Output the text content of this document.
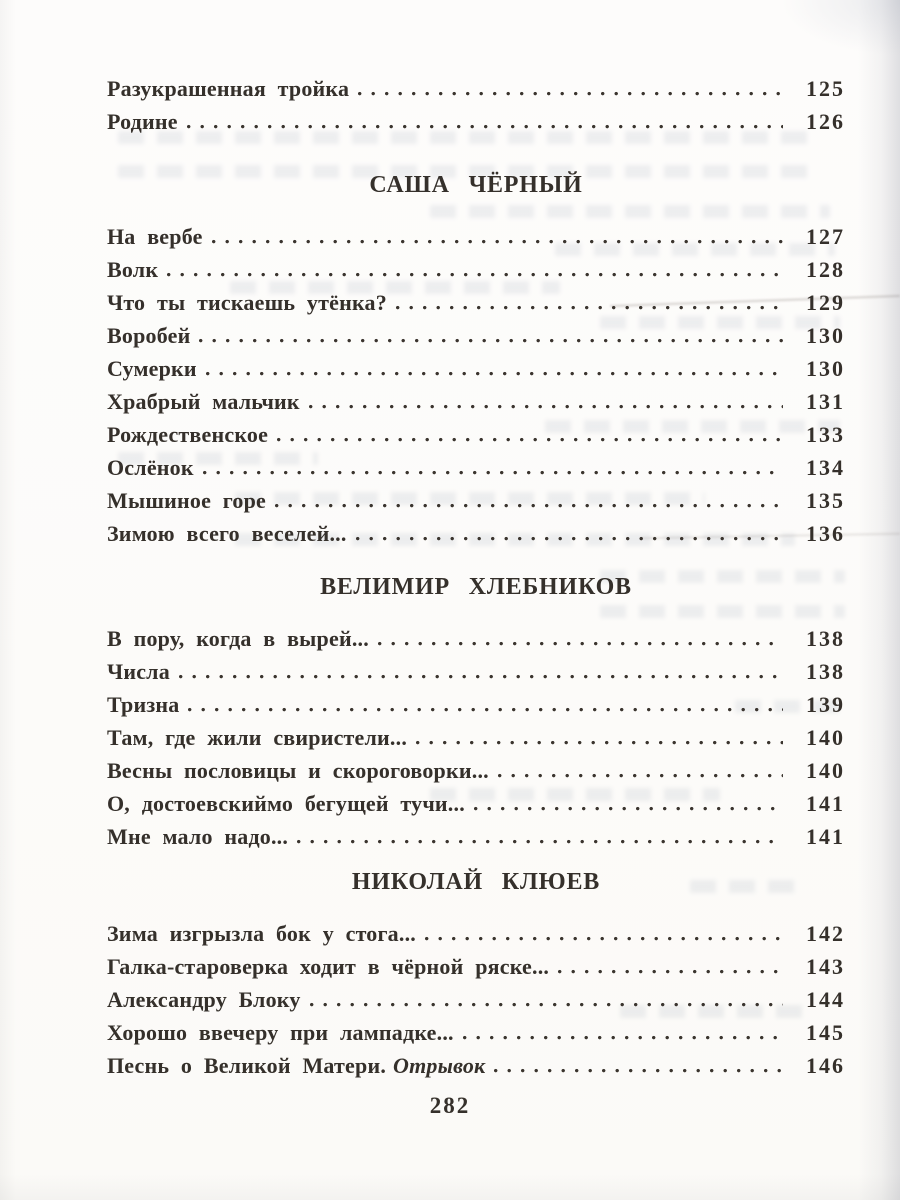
Разукрашенная тройка	125
Родине	126
САША ЧЁРНЫЙ
На вербе	127
Волк	128
Что ты тискаешь утёнка?	129
Воробей	130
Сумерки	130
Храбрый мальчик	131
Рождественское	133
Ослёнок	134
Мышиное горе	135
Зимою всего веселей...	136
ВЕЛИМИР ХЛЕБНИКОВ
В пору, когда в вырей...	138
Числа	138
Тризна	139
Там, где жили свиристели...	140
Весны пословицы и скороговорки...	140
О, достоевскиймо бегущей тучи...	141
Мне мало надо...	141
НИКОЛАЙ КЛЮЕВ
Зима изгрызла бок у стога...	142
Галка-староверка ходит в чёрной ряске...	143
Александру Блоку	144
Хорошо ввечеру при лампадке...	145
Песнь о Великой Матери. Отрывок	146
282
